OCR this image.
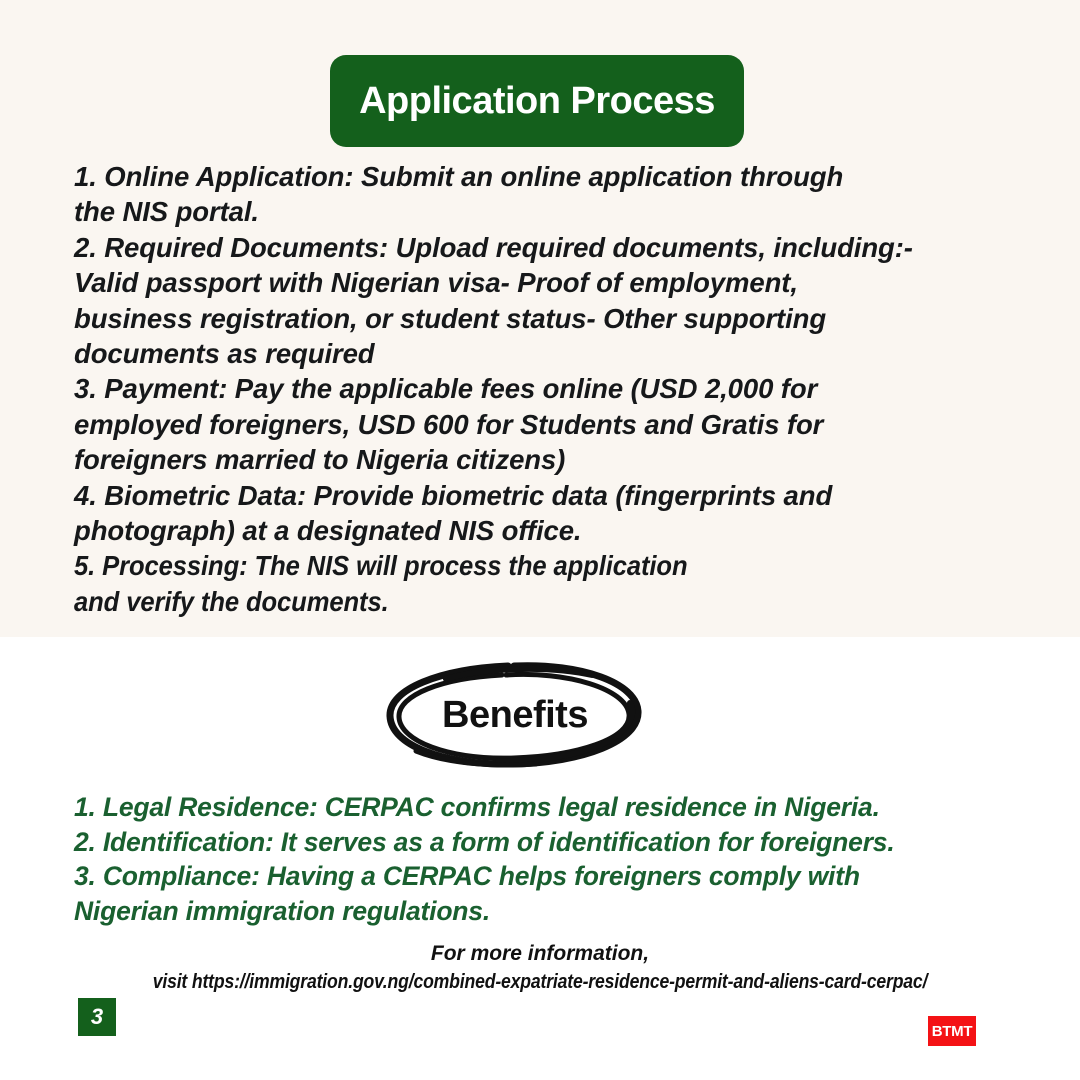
Application Process
1. Online Application: Submit an online application through
the NIS portal.
2. Required Documents: Upload required documents, including:-
Valid passport with Nigerian visa- Proof of employment,
business registration, or student status- Other supporting
documents as required
3. Payment: Pay the applicable fees online (USD 2,000 for
employed foreigners, USD 600 for Students and Gratis for
foreigners married to Nigeria citizens)
4. Biometric Data: Provide biometric data (fingerprints and
photograph) at a designated NIS office.
5. Processing: The NIS will process the application
and verify the documents.
Benefits
1. Legal Residence: CERPAC confirms legal residence in Nigeria.
2. Identification: It serves as a form of identification for foreigners.
3. Compliance: Having a CERPAC helps foreigners comply with
Nigerian immigration regulations.
For more information,
visit https://immigration.gov.ng/combined-expatriate-residence-permit-and-aliens-card-cerpac/
3
BTMT
